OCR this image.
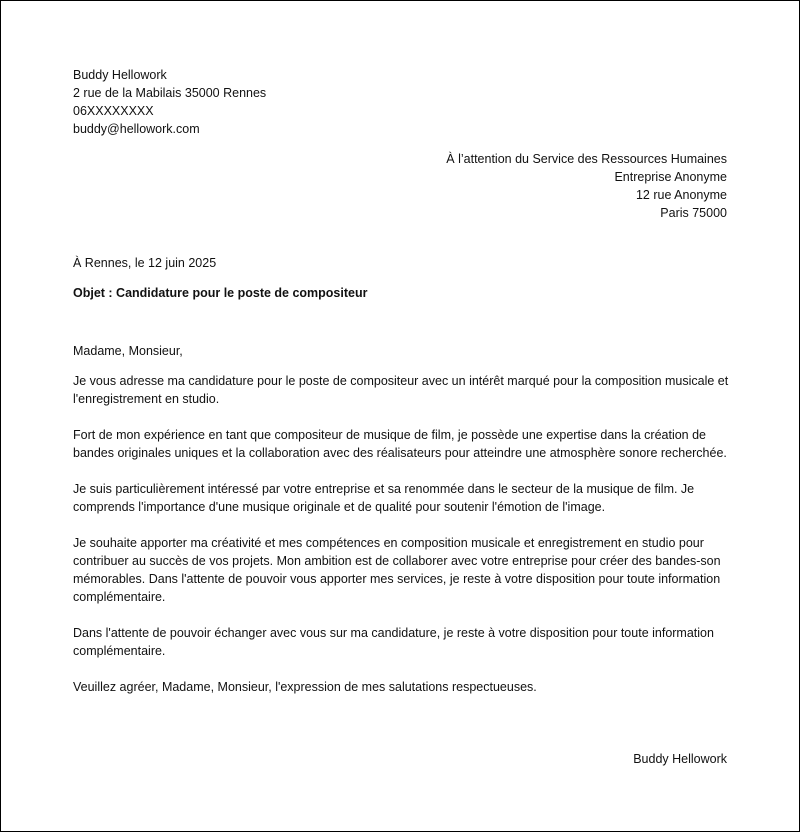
Buddy Hellowork
2 rue de la Mabilais 35000 Rennes
06XXXXXXXX
buddy@hellowork.com
À l’attention du Service des Ressources Humaines
Entreprise Anonyme
12 rue Anonyme
Paris 75000
À Rennes, le 12 juin 2025
Objet : Candidature pour le poste de compositeur
Madame, Monsieur,

Je vous adresse ma candidature pour le poste de compositeur avec un intérêt marqué pour la composition musicale et l'enregistrement en studio.

Fort de mon expérience en tant que compositeur de musique de film, je possède une expertise dans la création de bandes originales uniques et la collaboration avec des réalisateurs pour atteindre une atmosphère sonore recherchée.

Je suis particulièrement intéressé par votre entreprise et sa renommée dans le secteur de la musique de film. Je comprends l'importance d'une musique originale et de qualité pour soutenir l'émotion de l'image.

Je souhaite apporter ma créativité et mes compétences en composition musicale et enregistrement en studio pour contribuer au succès de vos projets. Mon ambition est de collaborer avec votre entreprise pour créer des bandes-son mémorables. Dans l'attente de pouvoir vous apporter mes services, je reste à votre disposition pour toute information complémentaire.

Dans l'attente de pouvoir échanger avec vous sur ma candidature, je reste à votre disposition pour toute information complémentaire.

Veuillez agréer, Madame, Monsieur, l'expression de mes salutations respectueuses.

Buddy Hellowork
